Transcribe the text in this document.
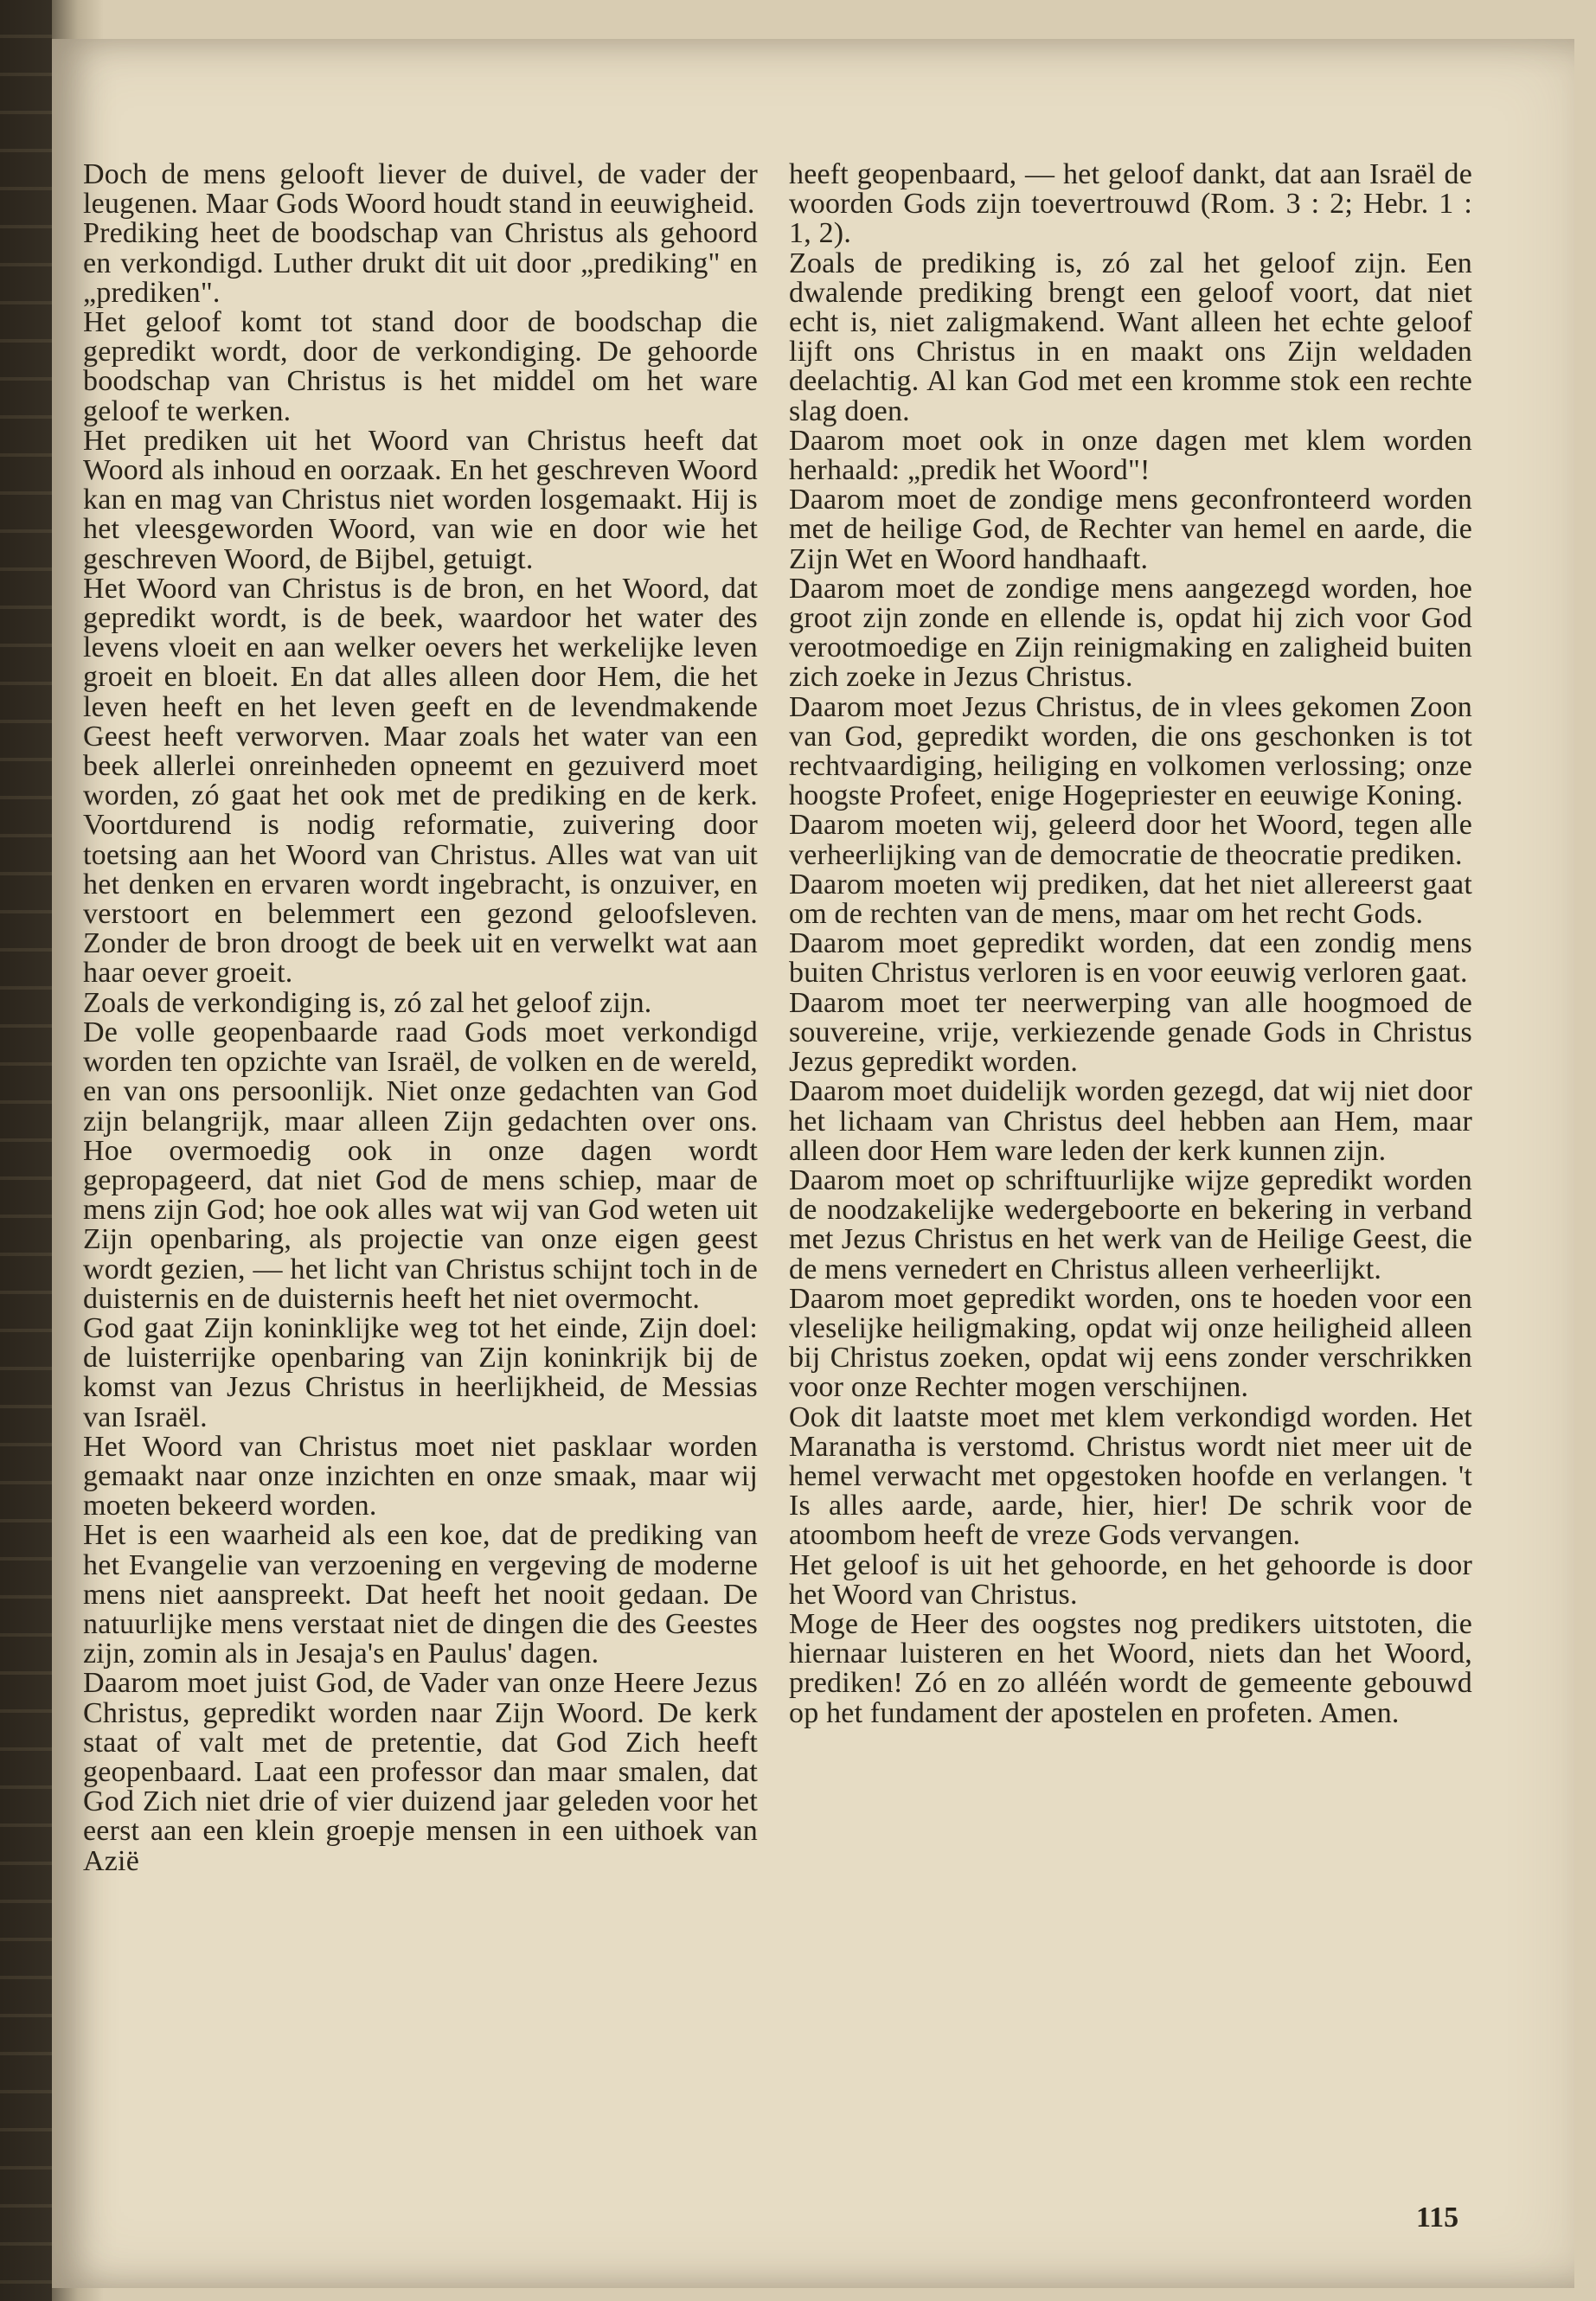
Doch de mens gelooft liever de duivel, de vader der leugenen. Maar Gods Woord houdt stand in eeuwigheid.

Prediking heet de boodschap van Christus als gehoord en verkondigd. Luther drukt dit uit door „prediking" en „prediken".

Het geloof komt tot stand door de boodschap die gepredikt wordt, door de verkondiging. De gehoorde boodschap van Christus is het middel om het ware geloof te werken.

Het prediken uit het Woord van Christus heeft dat Woord als inhoud en oorzaak. En het geschreven Woord kan en mag van Christus niet worden losgemaakt. Hij is het vleesgeworden Woord, van wie en door wie het geschreven Woord, de Bijbel, getuigt.

Het Woord van Christus is de bron, en het Woord, dat gepredikt wordt, is de beek, waardoor het water des levens vloeit en aan welker oevers het werkelijke leven groeit en bloeit. En dat alles alleen door Hem, die het leven heeft en het leven geeft en de levendmakende Geest heeft verworven. Maar zoals het water van een beek allerlei onreinheden opneemt en gezuiverd moet worden, zó gaat het ook met de prediking en de kerk. Voortdurend is nodig reformatie, zuivering door toetsing aan het Woord van Christus. Alles wat van uit het denken en ervaren wordt ingebracht, is onzuiver, en verstoort en belemmert een gezond geloofsleven. Zonder de bron droogt de beek uit en verwelkt wat aan haar oever groeit.

Zoals de verkondiging is, zó zal het geloof zijn.

De volle geopenbaarde raad Gods moet verkondigd worden ten opzichte van Israël, de volken en de wereld, en van ons persoonlijk. Niet onze gedachten van God zijn belangrijk, maar alleen Zijn gedachten over ons. Hoe overmoedig ook in onze dagen wordt gepropageerd, dat niet God de mens schiep, maar de mens zijn God; hoe ook alles wat wij van God weten uit Zijn openbaring, als projectie van onze eigen geest wordt gezien, — het licht van Christus schijnt toch in de duisternis en de duisternis heeft het niet overmocht.

God gaat Zijn koninklijke weg tot het einde, Zijn doel: de luisterrijke openbaring van Zijn koninkrijk bij de komst van Jezus Christus in heerlijkheid, de Messias van Israël.

Het Woord van Christus moet niet pasklaar worden gemaakt naar onze inzichten en onze smaak, maar wij moeten bekeerd worden.

Het is een waarheid als een koe, dat de prediking van het Evangelie van verzoening en vergeving de moderne mens niet aanspreekt. Dat heeft het nooit gedaan. De natuurlijke mens verstaat niet de dingen die des Geestes zijn, zomin als in Jesaja's en Paulus' dagen.

Daarom moet juist God, de Vader van onze Heere Jezus Christus, gepredikt worden naar Zijn Woord. De kerk staat of valt met de pretentie, dat God Zich heeft geopenbaard. Laat een professor dan maar smalen, dat God Zich niet drie of vier duizend jaar geleden voor het eerst aan een klein groepje mensen in een uithoek van Azië

heeft geopenbaard, — het geloof dankt, dat aan Israël de woorden Gods zijn toevertrouwd (Rom. 3 : 2; Hebr. 1 : 1, 2).

Zoals de prediking is, zó zal het geloof zijn. Een dwalende prediking brengt een geloof voort, dat niet echt is, niet zaligmakend. Want alleen het echte geloof lijft ons Christus in en maakt ons Zijn weldaden deelachtig. Al kan God met een kromme stok een rechte slag doen.

Daarom moet ook in onze dagen met klem worden herhaald: „predik het Woord"!

Daarom moet de zondige mens geconfronteerd worden met de heilige God, de Rechter van hemel en aarde, die Zijn Wet en Woord handhaaft.

Daarom moet de zondige mens aangezegd worden, hoe groot zijn zonde en ellende is, opdat hij zich voor God verootmoedige en Zijn reinigmaking en zaligheid buiten zich zoeke in Jezus Christus.

Daarom moet Jezus Christus, de in vlees gekomen Zoon van God, gepredikt worden, die ons geschonken is tot rechtvaardiging, heiliging en volkomen verlossing; onze hoogste Profeet, enige Hogepriester en eeuwige Koning.

Daarom moeten wij, geleerd door het Woord, tegen alle verheerlijking van de democratie de theocratie prediken.

Daarom moeten wij prediken, dat het niet allereerst gaat om de rechten van de mens, maar om het recht Gods.

Daarom moet gepredikt worden, dat een zondig mens buiten Christus verloren is en voor eeuwig verloren gaat.

Daarom moet ter neerwerping van alle hoogmoed de souvereine, vrije, verkiezende genade Gods in Christus Jezus gepredikt worden.

Daarom moet duidelijk worden gezegd, dat wij niet door het lichaam van Christus deel hebben aan Hem, maar alleen door Hem ware leden der kerk kunnen zijn.

Daarom moet op schriftuurlijke wijze gepredikt worden de noodzakelijke wedergeboorte en bekering in verband met Jezus Christus en het werk van de Heilige Geest, die de mens vernedert en Christus alleen verheerlijkt.

Daarom moet gepredikt worden, ons te hoeden voor een vleselijke heiligmaking, opdat wij onze heiligheid alleen bij Christus zoeken, opdat wij eens zonder verschrikken voor onze Rechter mogen verschijnen.

Ook dit laatste moet met klem verkondigd worden. Het Maranatha is verstomd. Christus wordt niet meer uit de hemel verwacht met opgestoken hoofde en verlangen. 't Is alles aarde, aarde, hier, hier! De schrik voor de atoombom heeft de vreze Gods vervangen.

Het geloof is uit het gehoorde, en het gehoorde is door het Woord van Christus.

Moge de Heer des oogstes nog predikers uitstoten, die hiernaar luisteren en het Woord, niets dan het Woord, prediken! Zó en zo alléén wordt de gemeente gebouwd op het fundament der apostelen en profeten. Amen.

115
